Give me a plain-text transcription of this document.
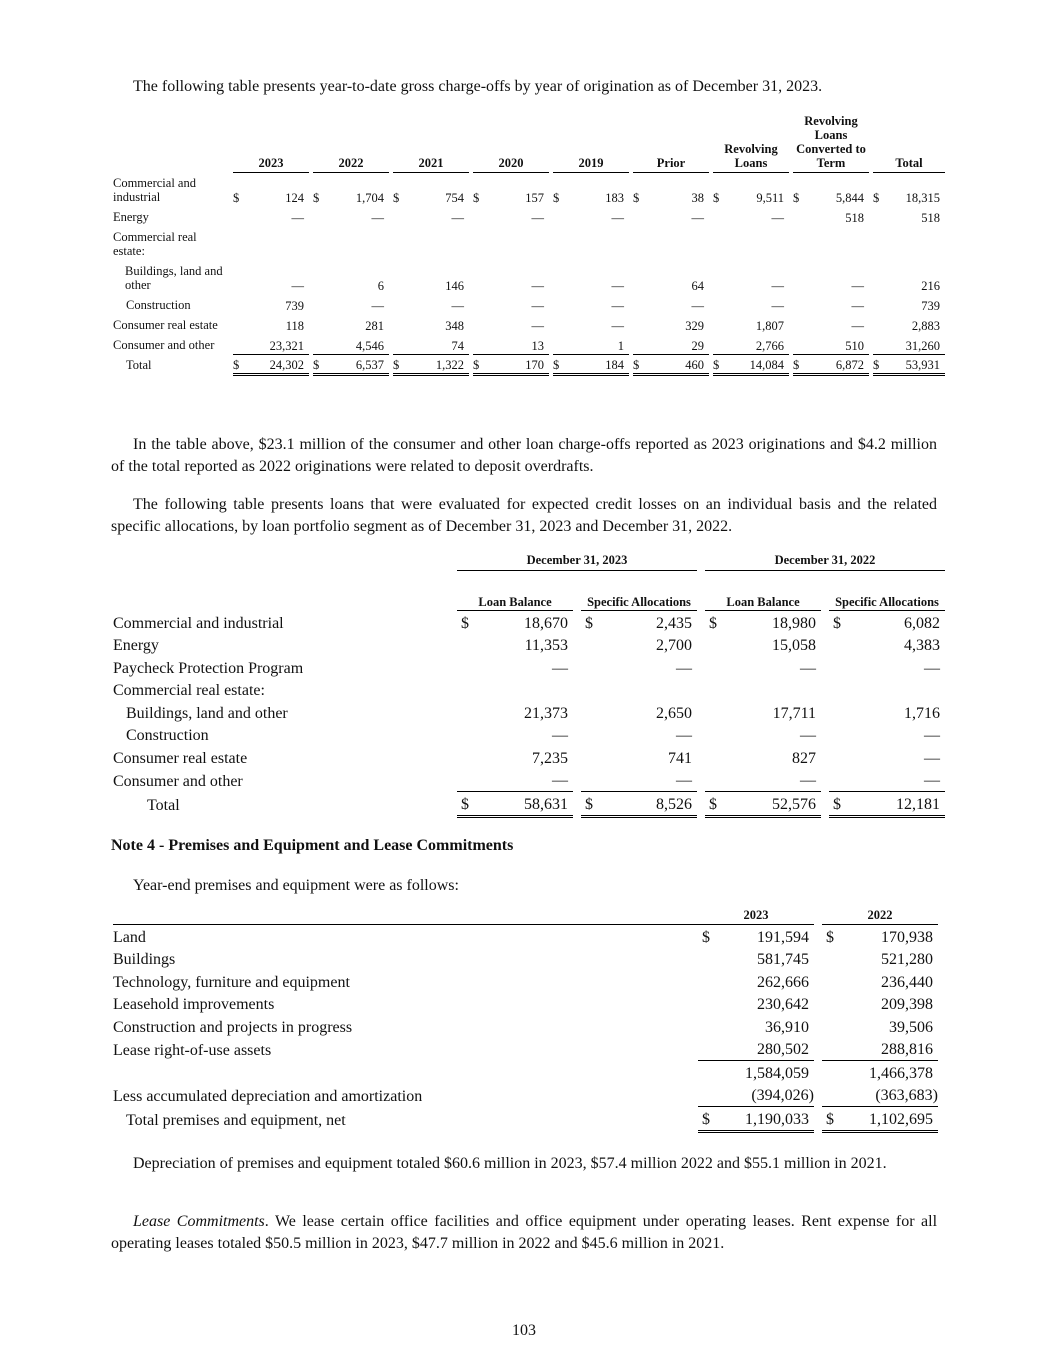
The following table presents year-to-date gross charge-offs by year of origination as of December 31, 2023.

		2023			2022			2021			2020			2019			Prior			Revolving Loans			Revolving Loans Converted to Term			Total	
Commercial and industrial		$	124		$	1,704		$	754		$	157		$	183		$	38		$	9,511		$	5,844		$	18,315
Energy			—			—			—			—			—			—			—			518			518
Commercial real estate:																											
Buildings, land and other			—			6			146			—			—			64			—			—			216
Construction			739			—			—			—			—			—			—			—			739
Consumer real estate			118			281			348			—			—			329			1,807			—			2,883
Consumer and other			23,321			4,546			74			13			1			29			2,766			510			31,260
Total		$	24,302		$	6,537		$	1,322		$	170		$	184		$	460		$	14,084		$	6,872		$	53,931

In the table above, $23.1 million of the consumer and other loan charge-offs reported as 2023 originations and $4.2 million of the total reported as 2022 originations were related to deposit overdrafts.

The following table presents loans that were evaluated for expected credit losses on an individual basis and the related specific allocations, by loan portfolio segment as of December 31, 2023 and December 31, 2022.

	December 31, 2023				December 31, 2022		
	Loan Balance		Specific Allocations		Loan Balance		Specific Allocations
Commercial and industrial	$ 18,670		$ 2,435		$ 18,980		$ 6,082

Energy	11,353		2,700		15,058		4,383
Paycheck Protection Program	—		—		—		—
Commercial real estate:							
Buildings, land and other	21,373		2,650		17,711		1,716
Construction	—		—		—		—
Consumer real estate	7,235		741		827		—
Consumer and other	—		—		—		—
Total	$ 58,631		$ 8,526		$ 52,576		$ 12,181
Note 4 - Premises and Equipment and Lease Commitments

Year-end premises and equipment were as follows:

	2023		2022
Land	$ 191,594		$ 170,938

Buildings	581,745		521,280
Technology, furniture and equipment	262,666		236,440
Leasehold improvements	230,642		209,398
Construction and projects in progress	36,910		39,506
Lease right-of-use assets	280,502		288,816
	1,584,059		1,466,378
Less accumulated depreciation and amortization	(394,026)		(363,683)
Total premises and equipment, net	$ 1,190,033		$ 1,102,695

Depreciation of premises and equipment totaled $60.6 million in 2023, $57.4 million 2022 and $55.1 million in 2021.

Lease Commitments. We lease certain office facilities and office equipment under operating leases. Rent expense for all operating leases totaled $50.5 million in 2023, $47.7 million in 2022 and $45.6 million in 2021.

103
